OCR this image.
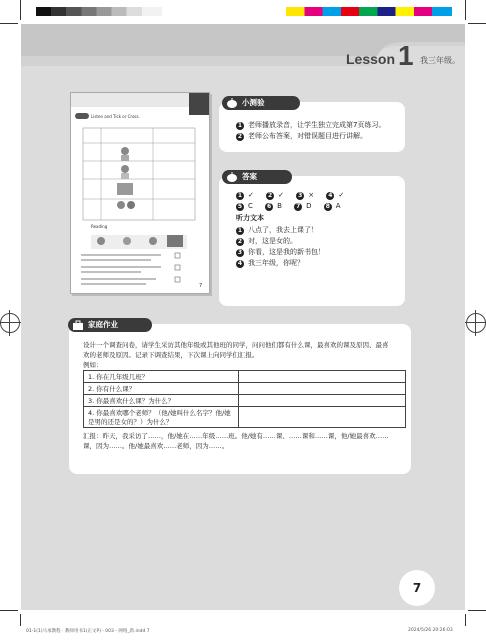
Lesson 1 我三年级。
7
Listen and Tick or Cross.
Reading
7
小测验
1 老师播放录音，让学生独立完成第7页练习。
2 老师公布答案，对错误题目进行讲解。
答案
1 ✓ 2 ✓ 3 × 4 ✓
5 C 6 B 7 D 8 A
听力文本
1 八点了，我去上课了！
2 对，这是女的。
3 你看，这是我的新书包！
4 我三年级，你呢？
家庭作业
设计一个调查问卷，请学生采访其他年级或其他班的同学，问问他们都有什么课，最喜欢的课及原因、最喜
欢的老师及原因。记录下调查结果，下次课上向同学们汇报。
例如：
1. 你在几年级几班？	
2. 你有什么课？	
3. 你最喜欢什么课？为什么？	
4. 你最喜欢哪个老师？（他/她叫什么名字？他/她是男的还是女的？）为什么？	
汇报：昨天，我采访了……，他/她在……年级……班。他/她有……课、……课和……课，他/她最喜欢……
课，因为……。他/她最喜欢……老师，因为……。
01-1(1)马承教程 · 教师用书1(正文P) · 003 - 网络_新.indd 7	2024/5/26 20:26:03
